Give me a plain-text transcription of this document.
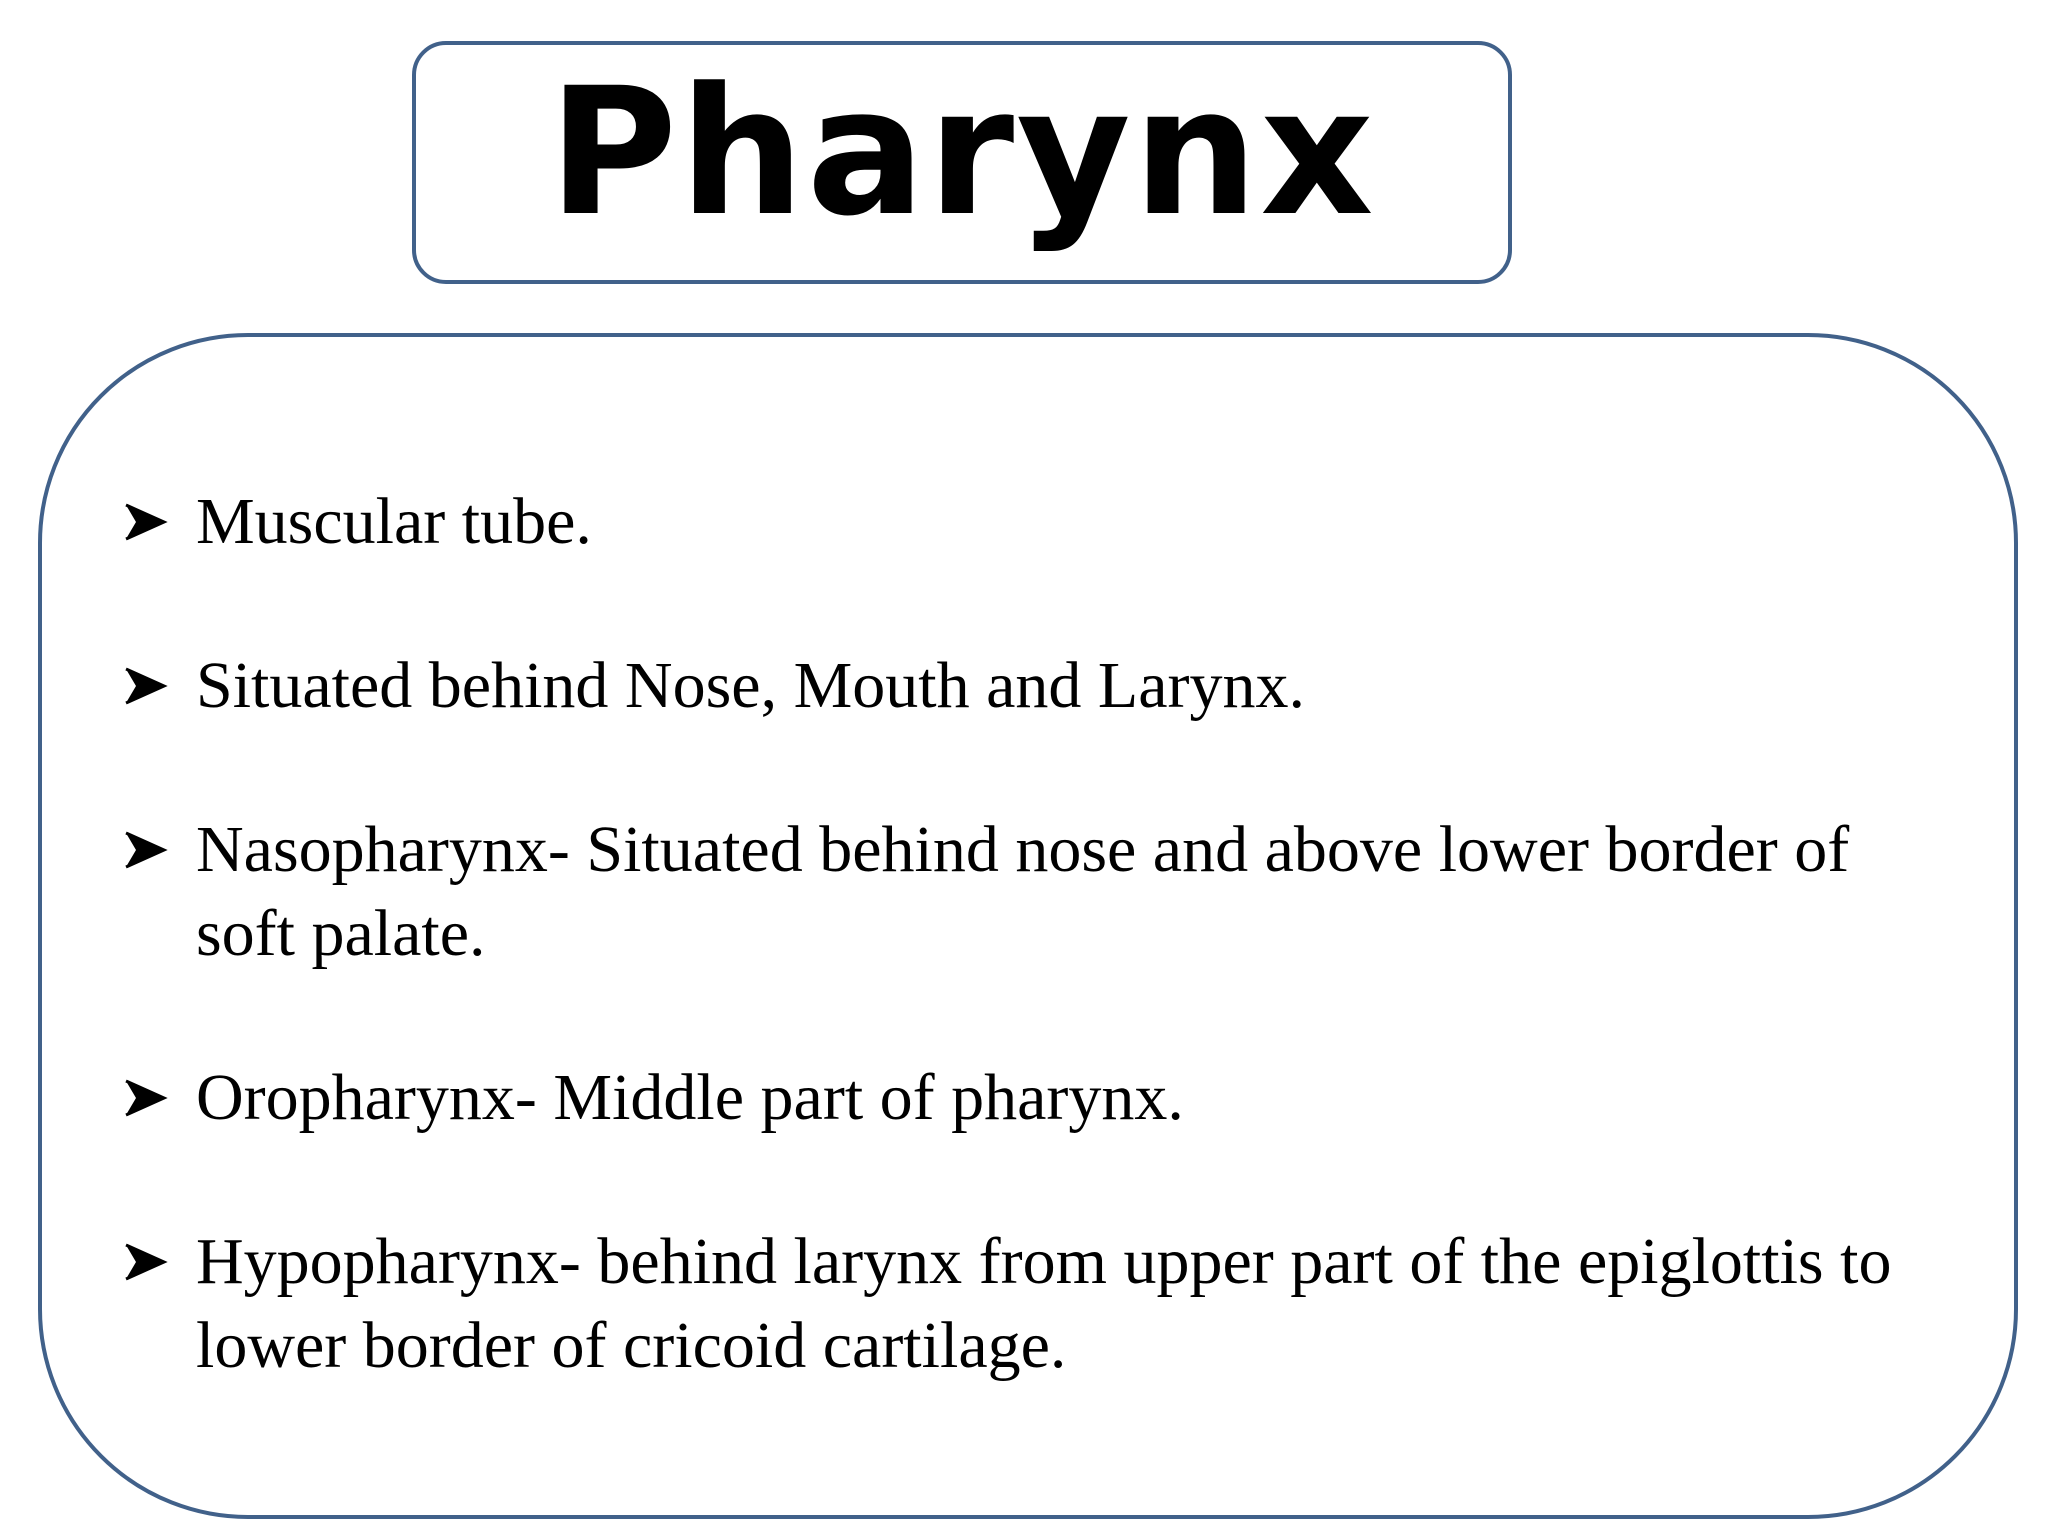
Pharynx
Muscular tube.
Situated behind Nose, Mouth and Larynx.
Nasopharynx- Situated behind nose and above lower border of soft palate.
Oropharynx- Middle part of pharynx.
Hypopharynx- behind larynx from upper part of the epiglottis to lower border of cricoid cartilage.
